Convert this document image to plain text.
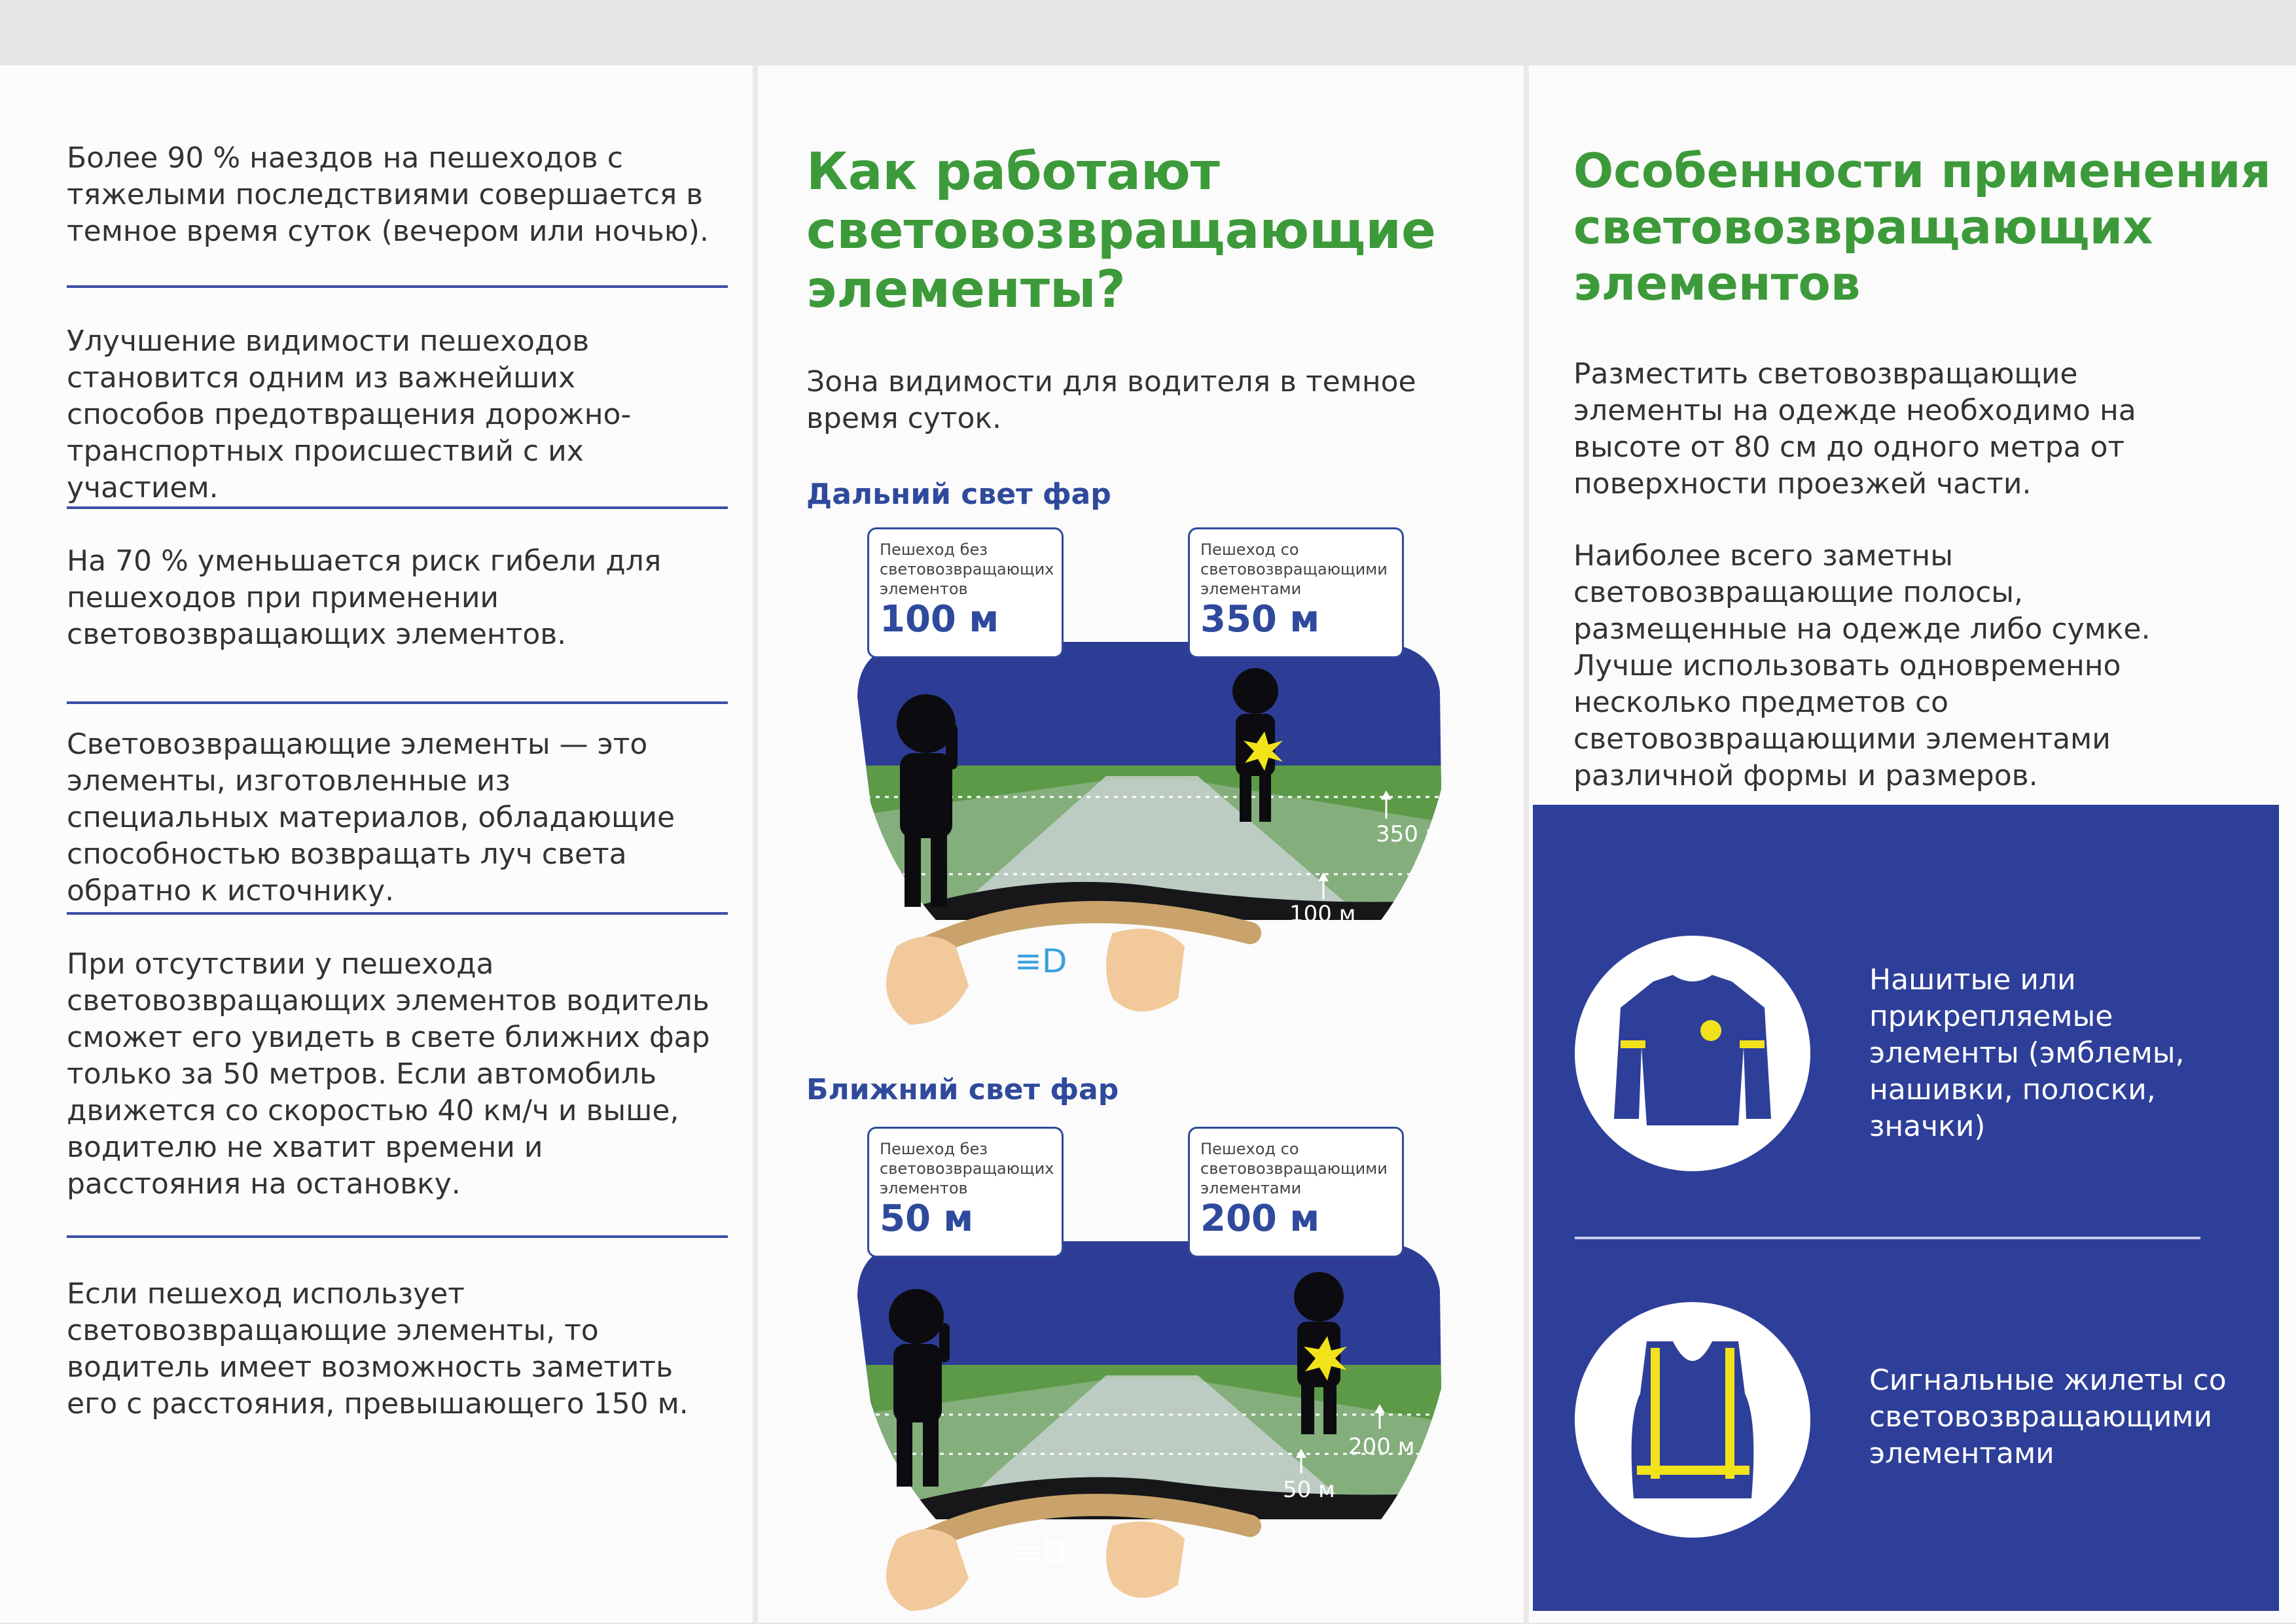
Более 90 % наездов на пешеходов с тяжелыми последствиями совершается в темное время суток (вечером или ночью).

Улучшение видимости пешеходов становится одним из важнейших способов предотвращения дорожно-транспортных происшествий с их участием.

На 70 % уменьшается риск гибели для пешеходов при применении световозвращающих элементов.

Световозвращающие элементы — это элементы, изготовленные из специальных материалов, обладающие способностью возвращать луч света обратно к источнику.

При отсутствии у пешехода световозвращающих элементов водитель сможет его увидеть в свете ближних фар только за 50 метров. Если автомобиль движется со скоростью 40 км/ч и выше, водителю не хватит времени и расстояния на остановку.

Если пешеход использует световозвращающие элементы, то водитель имеет возможность заметить его с расстояния, превышающего 150 м.

Как работают
световозвращающие
элементы?

Зона видимости для водителя в темное время суток.

Дальний свет фар

350 м
100 м
≡D
Пешеход без световозвращающих элементов
100 м
Пешеход со световозвращающими элементами
350 м

Ближний свет фар

200 м
50 м
≡D
Пешеход без световозвращающих элементов
50 м
Пешеход со световозвращающими элементами
200 м
Особенности применения
световозвращающих
элементов

Разместить световозвращающие элементы на одежде необходимо на высоте от 80 см до одного метра от поверхности проезжей части.

Наиболее всего заметны световозвращающие полосы, размещенные на одежде либо сумке. Лучше использовать одновременно несколько предметов со световозвращающими элементами различной формы и размеров.

Нашитые или прикрепляемые элементы (эмблемы, нашивки, полоски, значки)

Сигнальные жилеты со световозвращающими элементами
